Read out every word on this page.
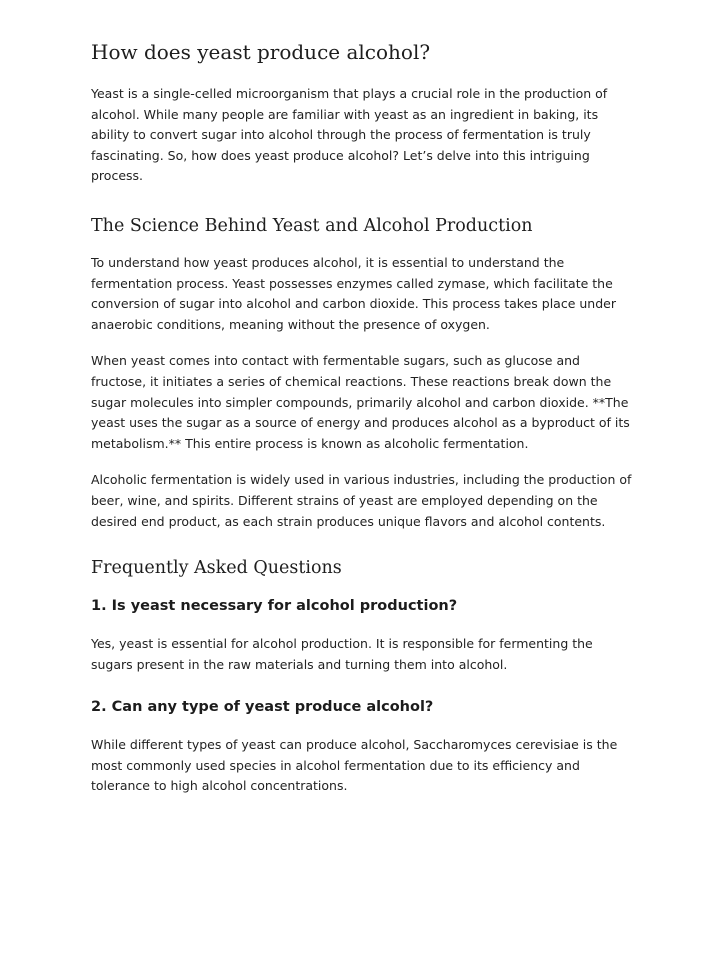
How does yeast produce alcohol?

Yeast is a single-celled microorganism that plays a crucial role in the production of alcohol. While many people are familiar with yeast as an ingredient in baking, its ability to convert sugar into alcohol through the process of fermentation is truly fascinating. So, how does yeast produce alcohol? Let’s delve into this intriguing process.

The Science Behind Yeast and Alcohol Production

To understand how yeast produces alcohol, it is essential to understand the fermentation process. Yeast possesses enzymes called zymase, which facilitate the conversion of sugar into alcohol and carbon dioxide. This process takes place under anaerobic conditions, meaning without the presence of oxygen.

When yeast comes into contact with fermentable sugars, such as glucose and fructose, it initiates a series of chemical reactions. These reactions break down the sugar molecules into simpler compounds, primarily alcohol and carbon dioxide. **The yeast uses the sugar as a source of energy and produces alcohol as a byproduct of its metabolism.** This entire process is known as alcoholic fermentation.

Alcoholic fermentation is widely used in various industries, including the production of beer, wine, and spirits. Different strains of yeast are employed depending on the desired end product, as each strain produces unique flavors and alcohol contents.

Frequently Asked Questions
1. Is yeast necessary for alcohol production?

Yes, yeast is essential for alcohol production. It is responsible for fermenting the sugars present in the raw materials and turning them into alcohol.

2. Can any type of yeast produce alcohol?

While different types of yeast can produce alcohol, Saccharomyces cerevisiae is the most commonly used species in alcohol fermentation due to its efficiency and tolerance to high alcohol concentrations.
